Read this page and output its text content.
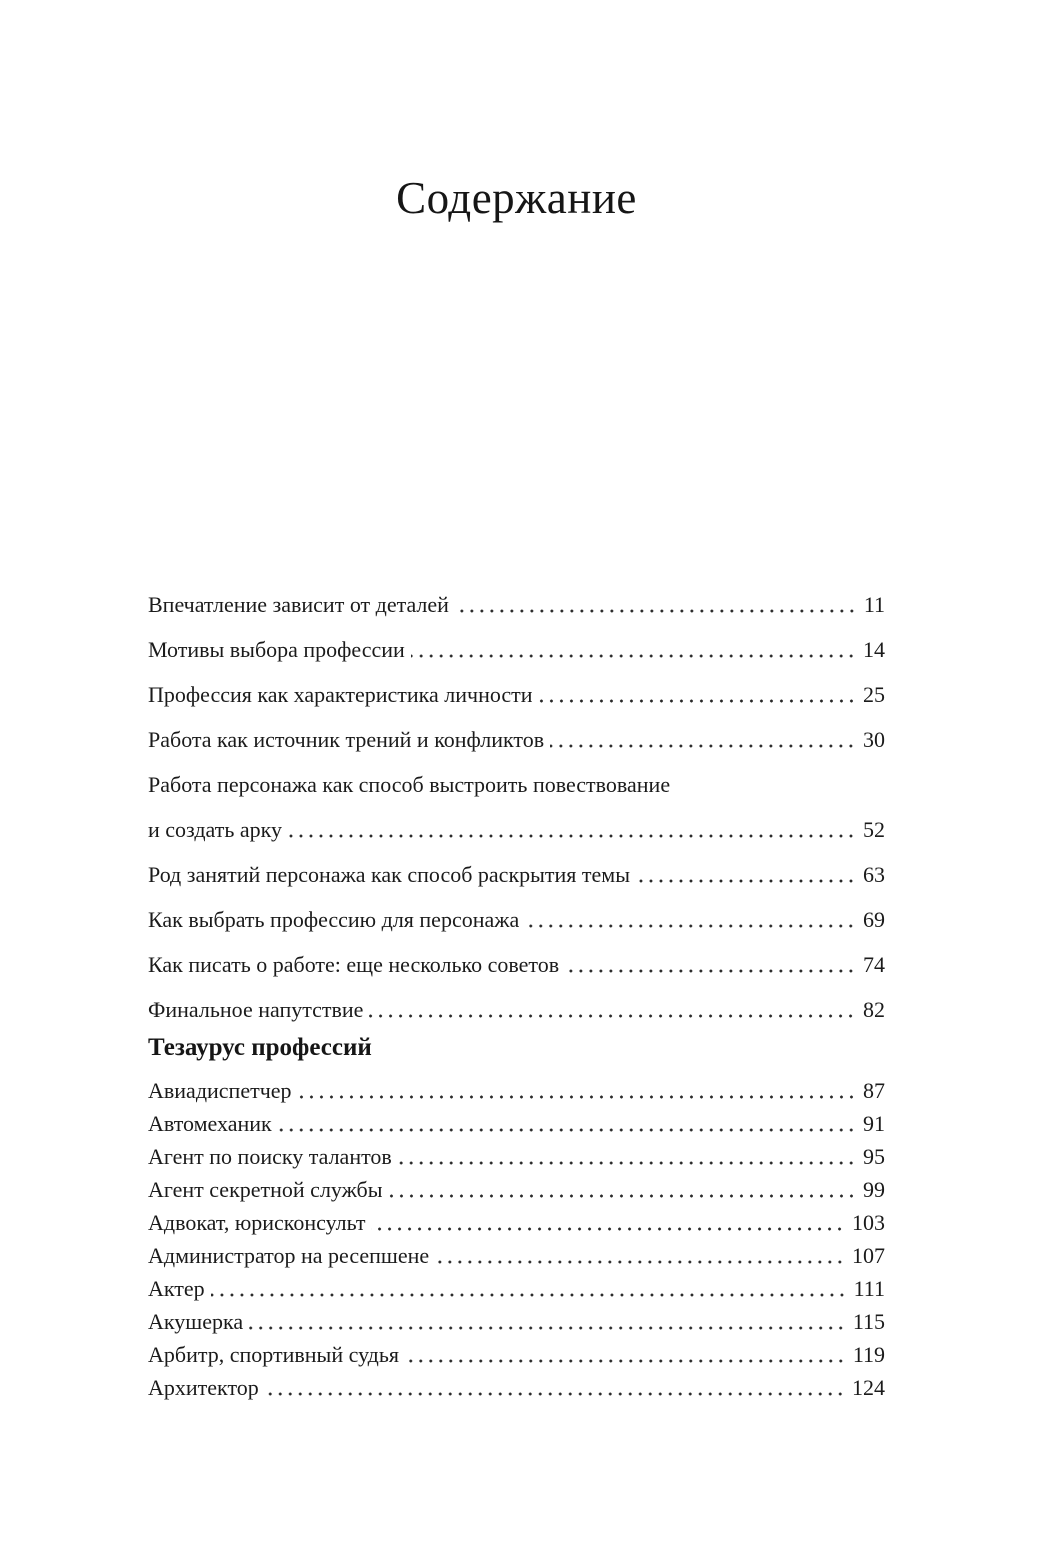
Содержание
Впечатление зависит от деталей	11
Мотивы выбора профессии	14
Профессия как характеристика личности	25
Работа как источник трений и конфликтов	30
Работа персонажа как способ выстроить повествование
и создать арку	52
Род занятий персонажа как способ раскрытия темы	63
Как выбрать профессию для персонажа	69
Как писать о работе: еще несколько советов	74
Финальное напутствие	82
Тезаурус профессий
Авиадиспетчер	87
Автомеханик	91
Агент по поиску талантов	95
Агент секретной службы	99
Адвокат, юрисконсульт	103
Администратор на ресепшене	107
Актер	111
Акушерка	115
Арбитр, спортивный судья	119
Архитектор	124
